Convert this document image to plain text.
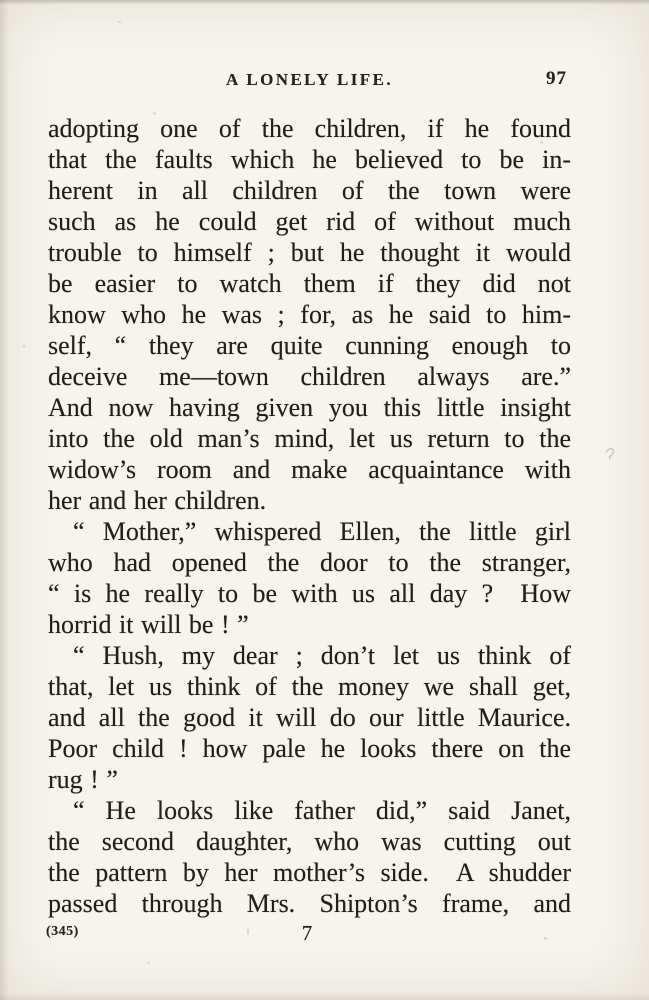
A LONELY LIFE.	97
adopting one of the children, if he found
that the faults which he believed to be in-
herent in all children of the town were
such as he could get rid of without much
trouble to himself ; but he thought it would
be easier to watch them if they did not
know who he was ; for, as he said to him-
self, “ they are quite cunning enough to
deceive me—town children always are.”
And now having given you this little insight
into the old man’s mind, let us return to the
widow’s room and make acquaintance with
her and her children.
“ Mother,” whispered Ellen, the little girl
who had opened the door to the stranger,
“ is he really to be with us all day ?  How
horrid it will be ! ”
“ Hush, my dear ; don’t let us think of
that, let us think of the money we shall get,
and all the good it will do our little Maurice.
Poor child ! how pale he looks there on the
rug ! ”
“ He looks like father did,” said Janet,
the second daughter, who was cutting out
the pattern by her mother’s side.  A shudder
passed through Mrs. Shipton’s frame, and
(345)	7
